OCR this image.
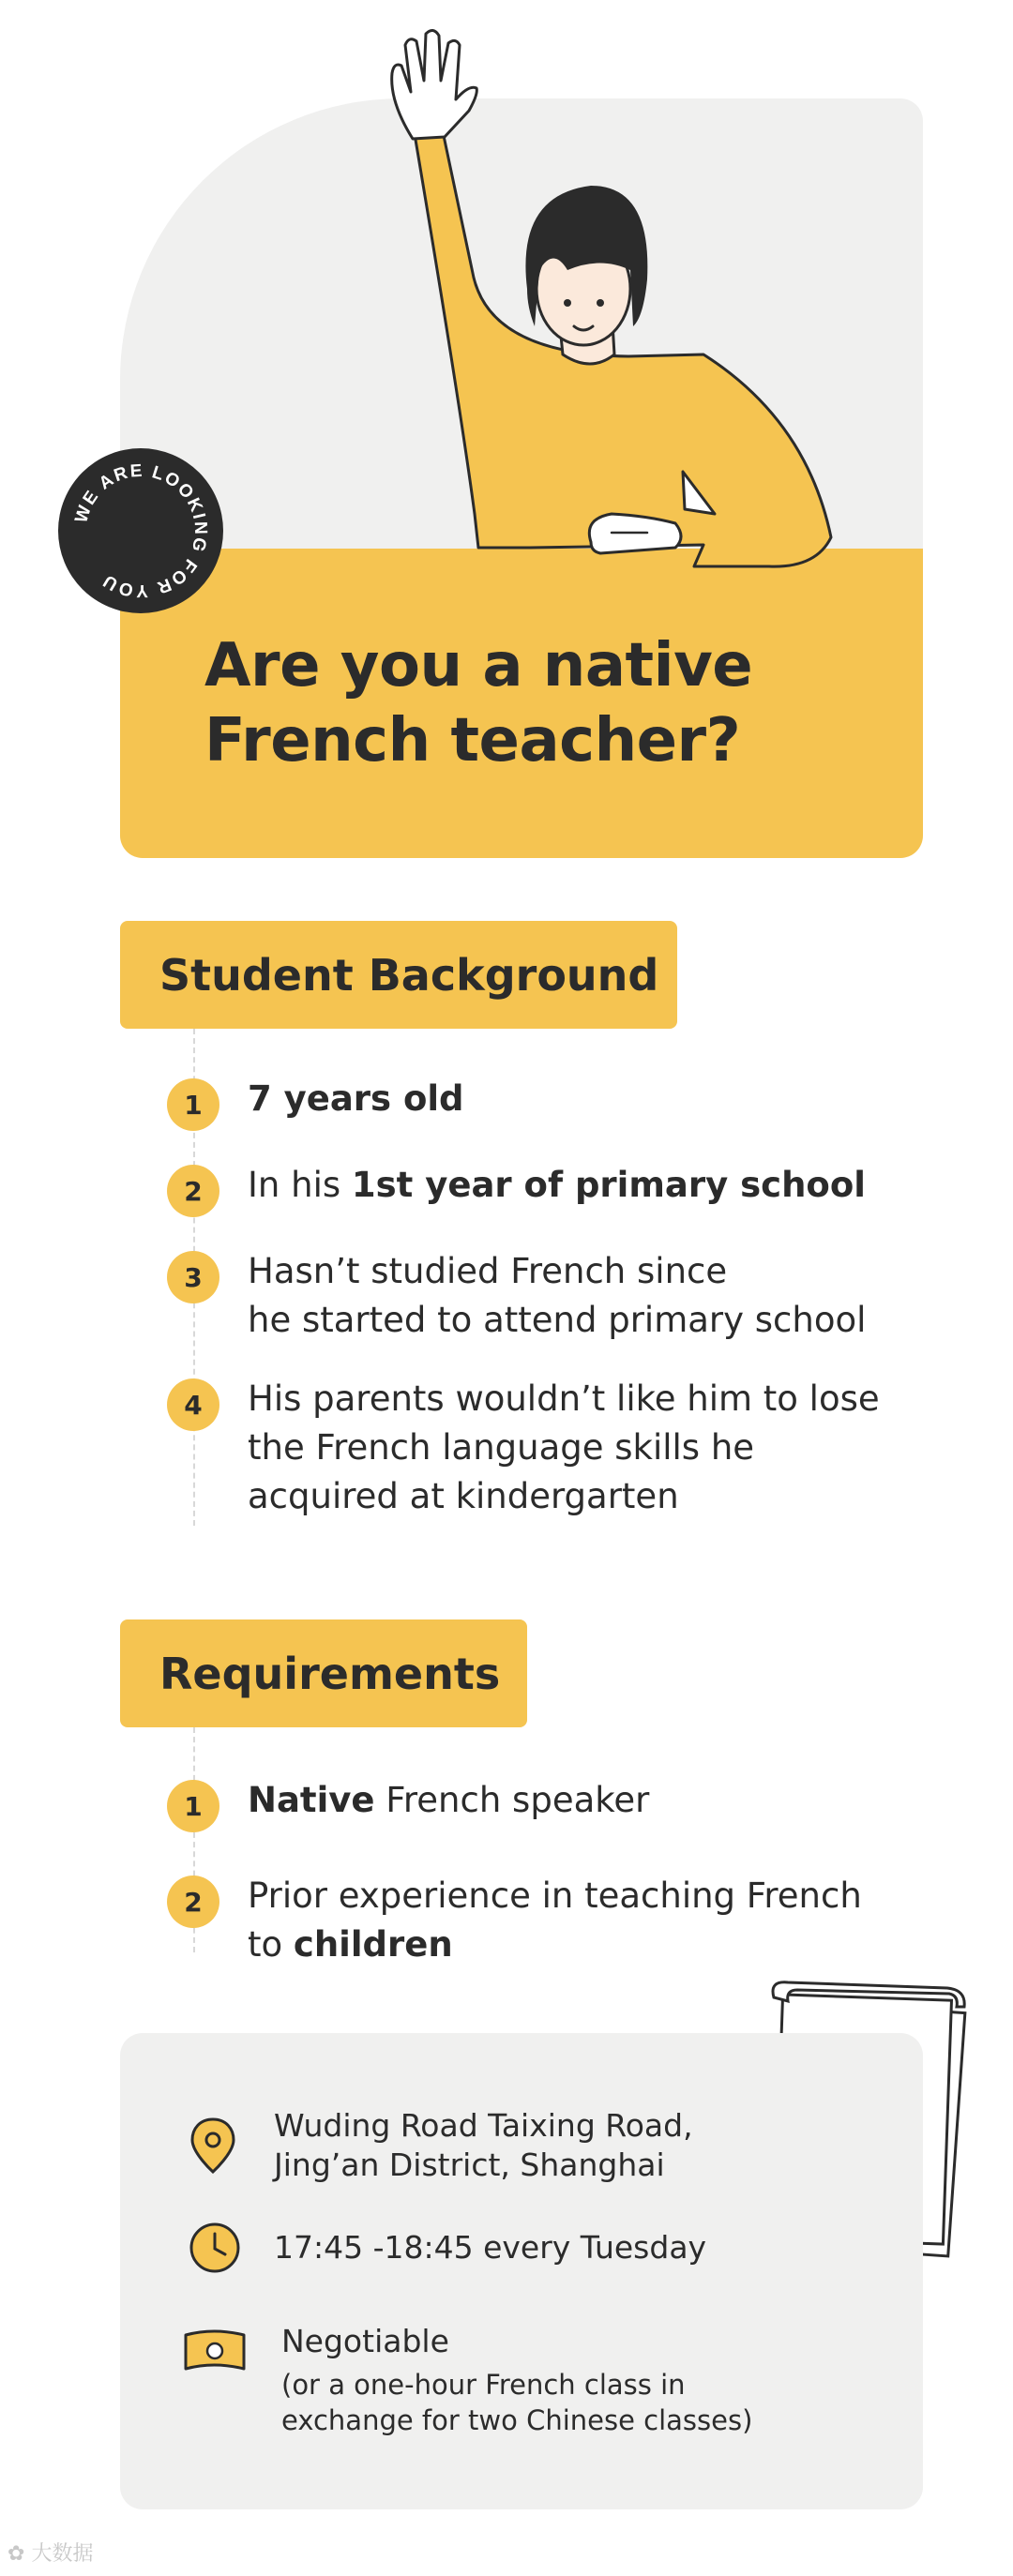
WE ARE LOOKING FOR YOU
Are you a native
French teacher?
Student Background
1	7 years old
2	In his 1st year of primary school
3	Hasn’t studied French since
he started to attend primary school
4	His parents wouldn’t like him to lose
the French language skills he
acquired at kindergarten
Requirements
1	Native French speaker
2	Prior experience in teaching French
to children
Wuding Road Taixing Road,
Jing’an District, Shanghai
17:45 -18:45 every Tuesday
Negotiable
(or a one-hour French class in
exchange for two Chinese classes)
✿ 大数据
